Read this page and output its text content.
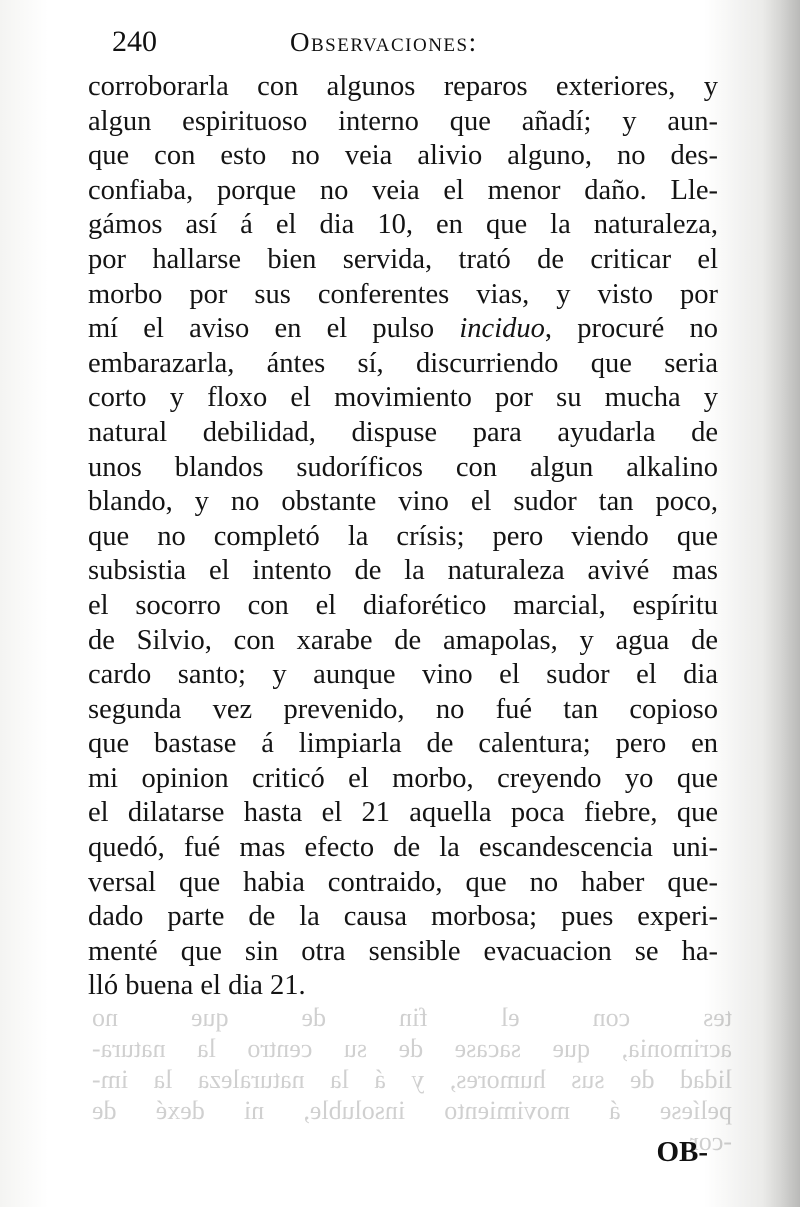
240	Observaciones:
corroborarla con algunos reparos exteriores, y
algun espirituoso interno que añadí; y aun-
que con esto no veia alivio alguno, no des-
confiaba, porque no veia el menor daño. Lle-
gámos así á el dia 10, en que la naturaleza,
por hallarse bien servida, trató de criticar el
morbo por sus conferentes vias, y visto por
mí el aviso en el pulso inciduo, procuré no
embarazarla, ántes sí, discurriendo que seria
corto y floxo el movimiento por su mucha y
natural debilidad, dispuse para ayudarla de
unos blandos sudoríficos con algun alkalino
blando, y no obstante vino el sudor tan poco,
que no completó la crísis; pero viendo que
subsistia el intento de la naturaleza avivé mas
el socorro con el diaforético marcial, espíritu
de Silvio, con xarabe de amapolas, y agua de
cardo santo; y aunque vino el sudor el dia
segunda vez prevenido, no fué tan copioso
que bastase á limpiarla de calentura; pero en
mi opinion criticó el morbo, creyendo yo que
el dilatarse hasta el 21 aquella poca fiebre, que
quedó, fué mas efecto de la escandescencia uni-
versal que habia contraido, que no haber que-
dado parte de la causa morbosa; pues experi-
menté que sin otra sensible evacuacion se ha-
lló buena el dia 21.
tes con el fin de que no
acrimonia, que sacase de su centro la natura-
lidad de sus humores, y á la naturaleza la im-
pelíese á movimiento insoluble, ni dexé de
-cor
OB-
